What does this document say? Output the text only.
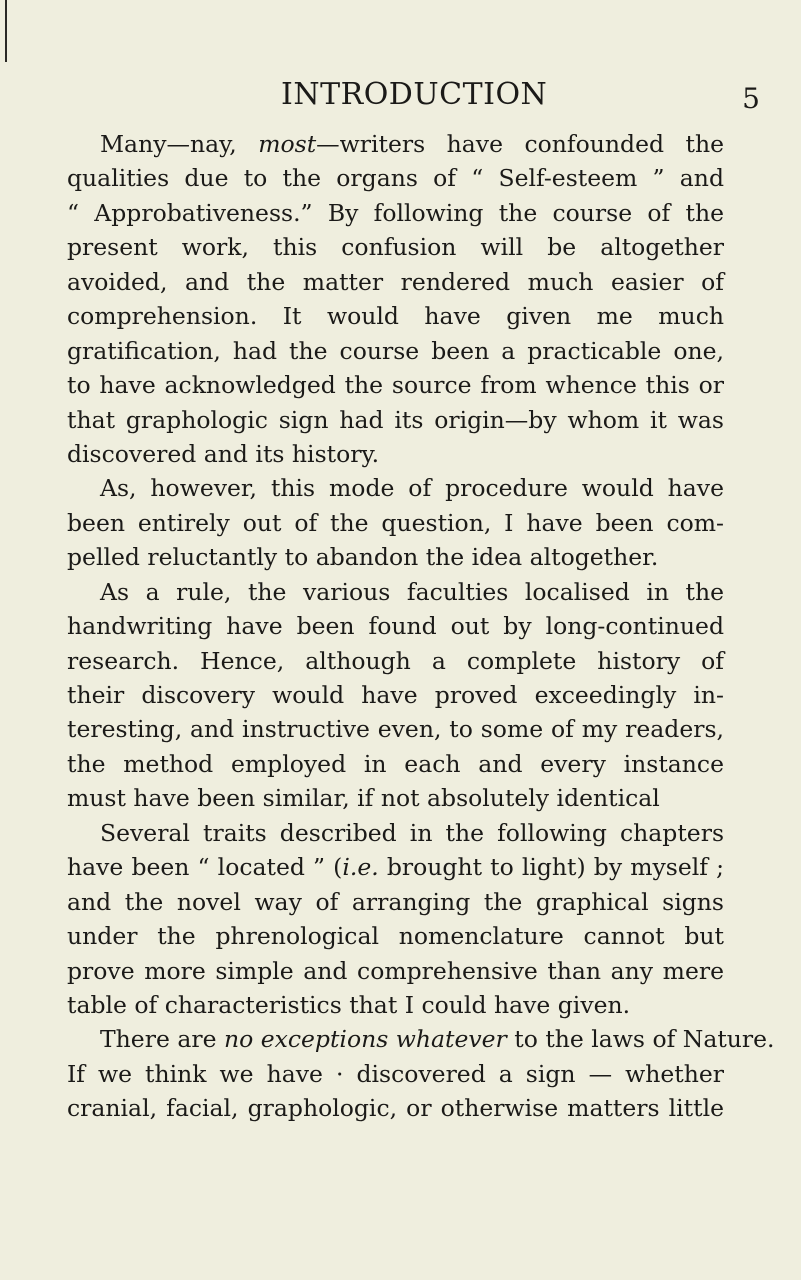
INTRODUCTION	5

Many—nay, most—writers have confounded the
qualities due to the organs of “ Self-esteem ” and
“ Approbativeness.” By following the course of the
present work, this confusion will be altogether
avoided, and the matter rendered much easier of
comprehension. It would have given me much
gratification, had the course been a practicable one,
to have acknowledged the source from whence this or
that graphologic sign had its origin—by whom it was
discovered and its history.

As, however, this mode of procedure would have
been entirely out of the question, I have been com-
pelled reluctantly to abandon the idea altogether.

As a rule, the various faculties localised in the
handwriting have been found out by long-continued
research. Hence, although a complete history of
their discovery would have proved exceedingly in-
teresting, and instructive even, to some of my readers,
the method employed in each and every instance
must have been similar, if not absolutely identical

Several traits described in the following chapters
have been “ located ” (i.e. brought to light) by myself ;
and the novel way of arranging the graphical signs
under the phrenological nomenclature cannot but
prove more simple and comprehensive than any mere
table of characteristics that I could have given.

There are no exceptions whatever to the laws of Nature.
If we think we have · discovered a sign — whether
cranial, facial, graphologic, or otherwise matters little
